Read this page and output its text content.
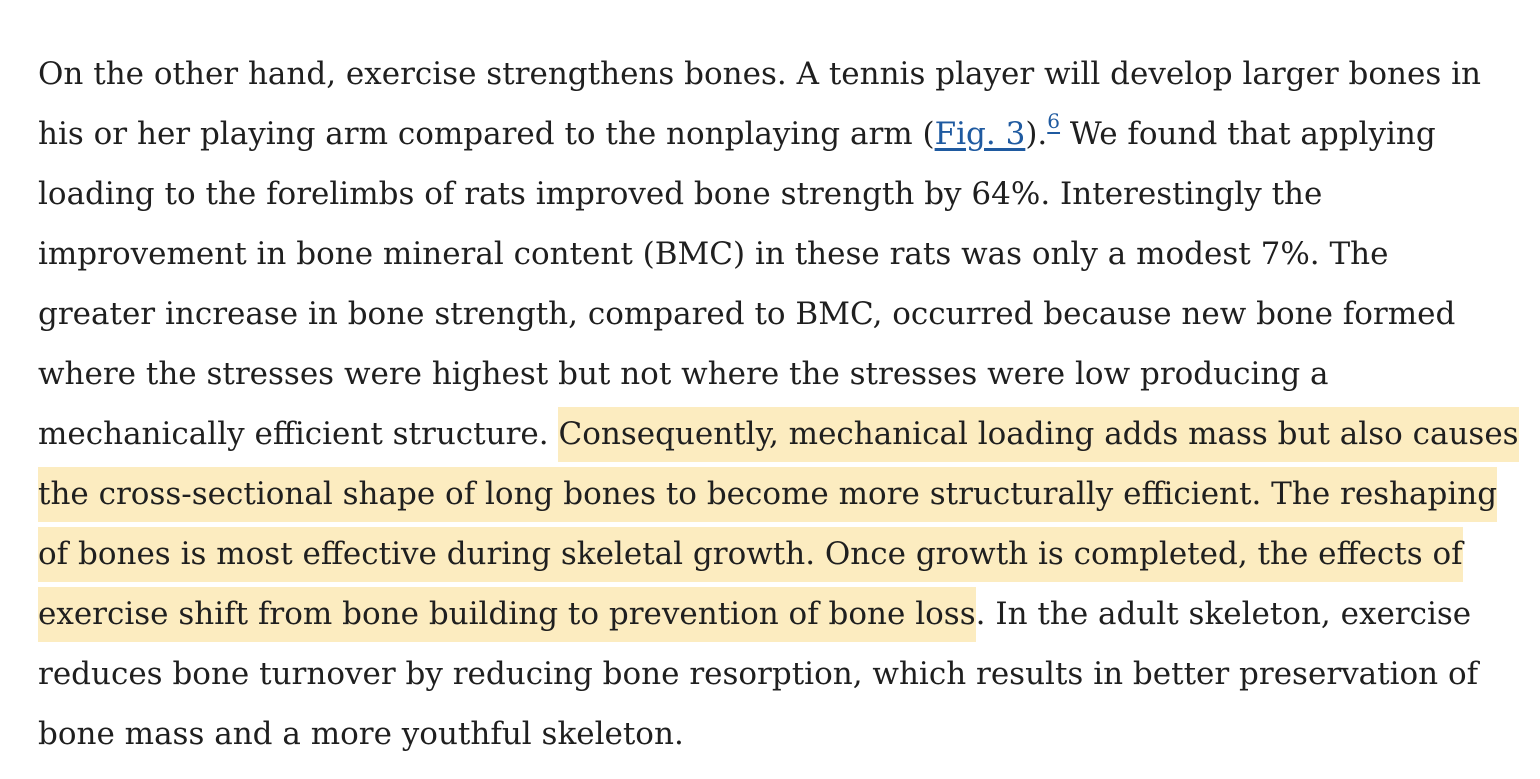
On the other hand, exercise strengthens bones. A tennis player will develop larger bones in
his or her playing arm compared to the nonplaying arm (Fig. 3).$^6$ We found that applying
loading to the forelimbs of rats improved bone strength by 64%. Interestingly the
improvement in bone mineral content (BMC) in these rats was only a modest 7%. The
greater increase in bone strength, compared to BMC, occurred because new bone formed
where the stresses were highest but not where the stresses were low producing a
mechanically efficient structure. Consequently, mechanical loading adds mass but also causes
the cross-sectional shape of long bones to become more structurally efficient. The reshaping
of bones is most effective during skeletal growth. Once growth is completed, the effects of
exercise shift from bone building to prevention of bone loss. In the adult skeleton, exercise
reduces bone turnover by reducing bone resorption, which results in better preservation of
bone mass and a more youthful skeleton.
